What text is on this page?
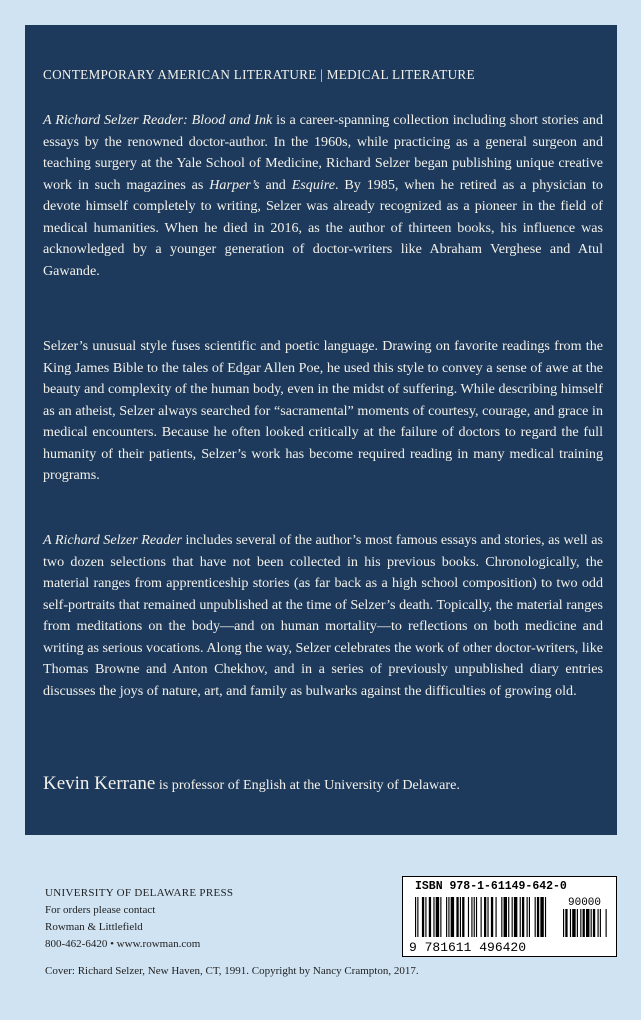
CONTEMPORARY AMERICAN LITERATURE | MEDICAL LITERATURE

A Richard Selzer Reader: Blood and Ink is a career-spanning collection including short stories and essays by the renowned doctor-author. In the 1960s, while practicing as a general surgeon and teaching surgery at the Yale School of Medicine, Richard Selzer began publishing unique creative work in such magazines as Harper’s and Esquire. By 1985, when he retired as a physician to devote himself completely to writing, Selzer was already recognized as a pioneer in the field of medical humanities. When he died in 2016, as the author of thirteen books, his influence was acknowledged by a younger generation of doctor-writers like Abraham Verghese and Atul Gawande.

Selzer’s unusual style fuses scientific and poetic language. Drawing on favorite readings from the King James Bible to the tales of Edgar Allen Poe, he used this style to convey a sense of awe at the beauty and complexity of the human body, even in the midst of suffering. While describing himself as an atheist, Selzer always searched for “sacramental” moments of courtesy, courage, and grace in medical encounters. Because he often looked critically at the failure of doctors to regard the full humanity of their patients, Selzer’s work has become required reading in many medical training programs.

A Richard Selzer Reader includes several of the author’s most famous essays and stories, as well as two dozen selections that have not been collected in his previous books. Chronologically, the material ranges from apprenticeship stories (as far back as a high school composition) to two odd self-portraits that remained unpublished at the time of Selzer’s death. Topically, the material ranges from meditations on the body—and on human mortality—to reflections on both medicine and writing as serious vocations. Along the way, Selzer celebrates the work of other doctor-writers, like Thomas Browne and Anton Chekhov, and in a series of previously unpublished diary entries discusses the joys of nature, art, and family as bulwarks against the difficulties of growing old.

Kevin Kerrane is professor of English at the University of Delaware.
UNIVERSITY OF DELAWARE PRESS
For orders please contact
Rowman & Littlefield
800-462-6420 • www.rowman.com
ISBN 978-1-61149-642-0
9 781611 496420
90000
Cover: Richard Selzer, New Haven, CT, 1991. Copyright by Nancy Crampton, 2017.
